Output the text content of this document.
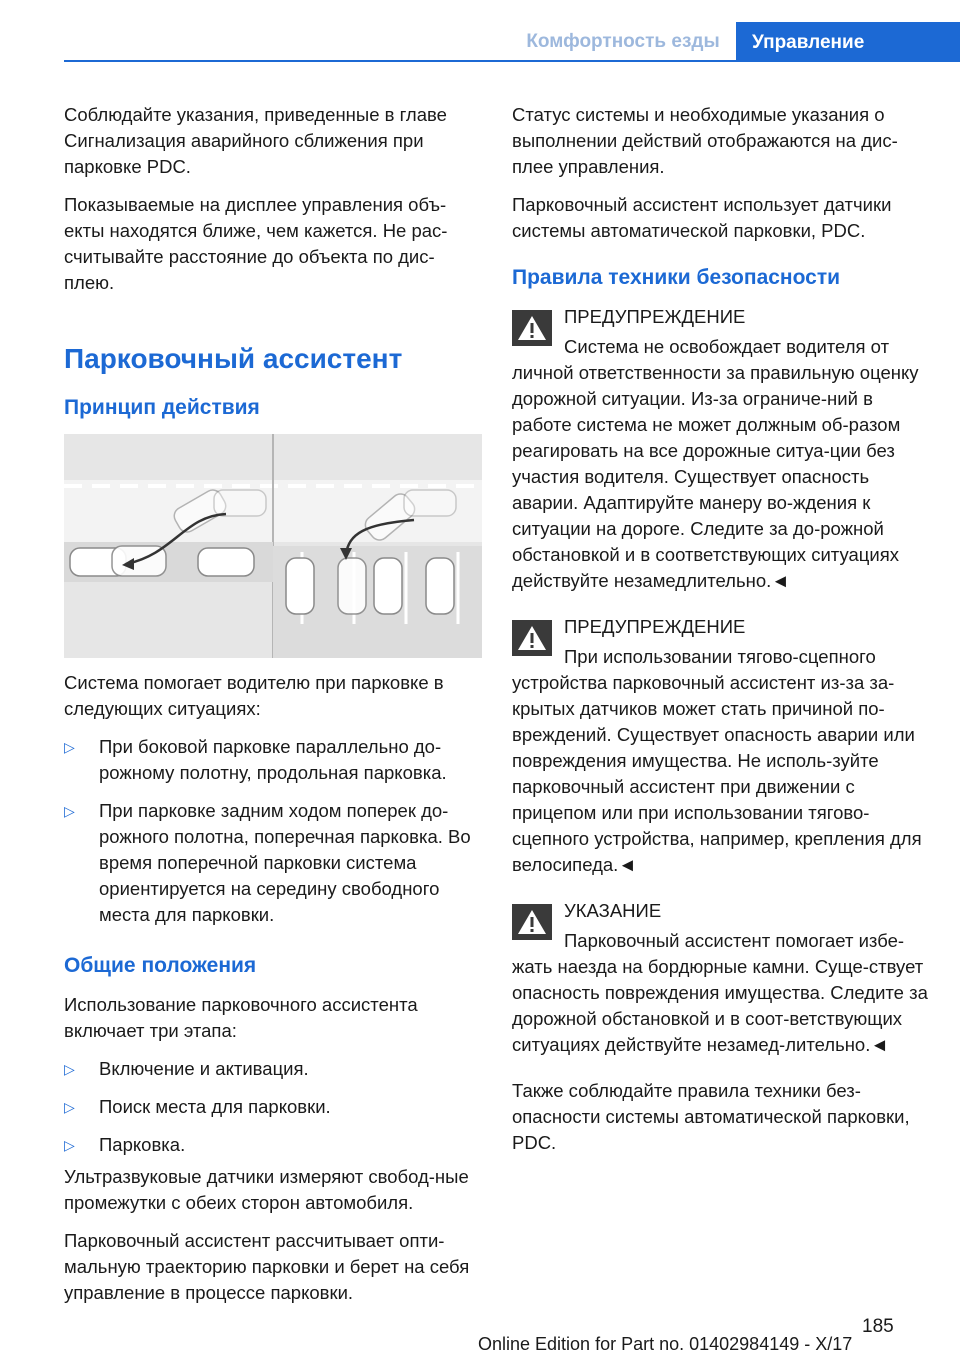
Комфортность езды	Управление

Соблюдайте указания, приведенные в главе Сигнализация аварийного сближения при парковке PDC.

Показываемые на дисплее управления объ-екты находятся ближе, чем кажется. Не рас-считывайте расстояние до объекта по дис-плею.

Парковочный ассистент
Принцип действия

Система помогает водителю при парковке в следующих ситуациях:

▷ При боковой парковке параллельно до-рожному полотну, продольная парковка.
▷ При парковке задним ходом поперек до-рожного полотна, поперечная парковка. Во время поперечной парковки система ориентируется на середину свободного места для парковки.
Общие положения

Использование парковочного ассистента включает три этапа:

▷ Включение и активация.
▷ Поиск места для парковки.
▷ Парковка.

Ультразвуковые датчики измеряют свобод-ные промежутки с обеих сторон автомобиля.

Парковочный ассистент рассчитывает опти-мальную траекторию парковки и берет на себя управление в процессе парковки.

Статус системы и необходимые указания о выполнении действий отображаются на дис-плее управления.

Парковочный ассистент использует датчики системы автоматической парковки, PDC.

Правила техники безопасности
ПРЕДУПРЕЖДЕНИЕ
Система не освобождает водителя от
личной ответственности за правильную оценку дорожной ситуации. Из-за ограниче-ний в работе система не может должным об-разом реагировать на все дорожные ситуа-ции без участия водителя. Существует опасность аварии. Адаптируйте манеру во-ждения к ситуации на дороге. Следите за до-рожной обстановкой и в соответствующих ситуациях действуйте незамедлительно.◄
ПРЕДУПРЕЖДЕНИЕ
При использовании тягово-сцепного
устройства парковочный ассистент из-за за-крытых датчиков может стать причиной по-вреждений. Существует опасность аварии или повреждения имущества. Не исполь-зуйте парковочный ассистент при движении с прицепом или при использовании тягово-сцепного устройства, например, крепления для велосипеда.◄
УКАЗАНИЕ
Парковочный ассистент помогает избе-
жать наезда на бордюрные камни. Суще-ствует опасность повреждения имущества. Следите за дорожной обстановкой и в соот-ветствующих ситуациях действуйте незамед-лительно.◄

Также соблюдайте правила техники без-опасности системы автоматической парковки, PDC.

185
Online Edition for Part no. 01402984149 - X/17
